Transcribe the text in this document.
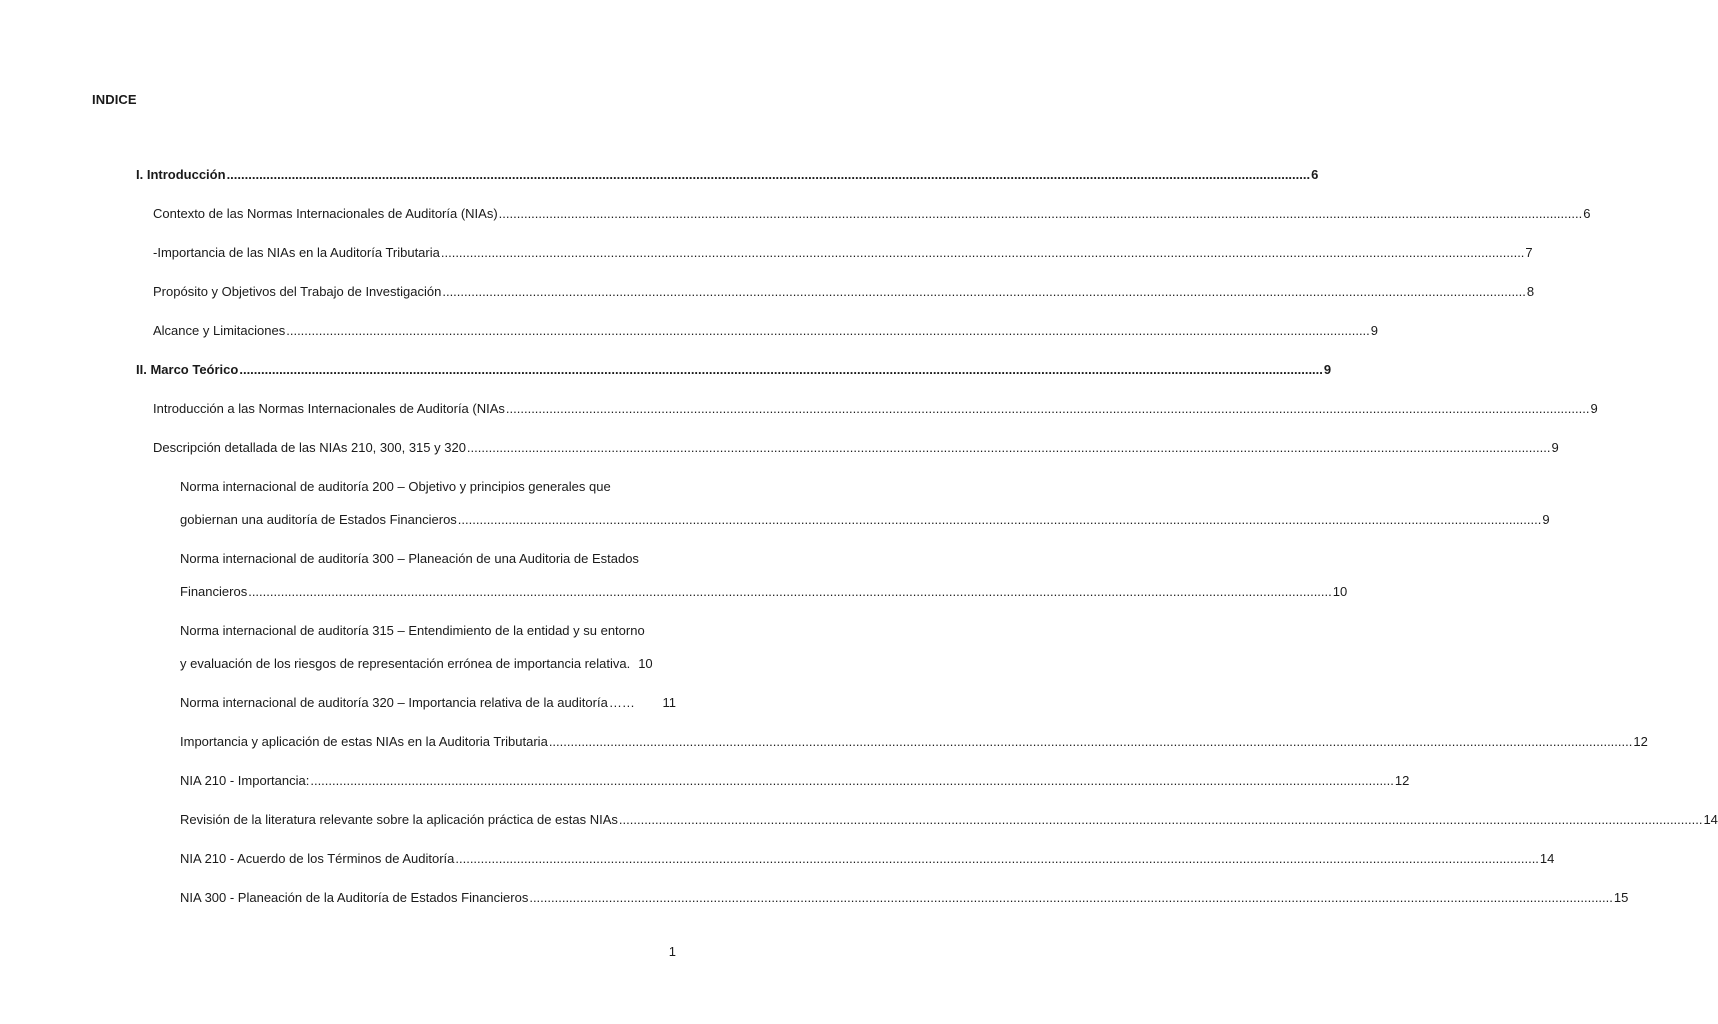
INDICE
I. Introducción ............................................................................................................................................................................................................................................................................................................ 6
Contexto de las Normas Internacionales de Auditoría (NIAs) ............................................................................................................................................................................................................................................................................................................ 6
-Importancia de las NIAs en la Auditoría Tributaria ............................................................................................................................................................................................................................................................................................................ 7
Propósito y Objetivos del Trabajo de Investigación ............................................................................................................................................................................................................................................................................................................ 8
Alcance y Limitaciones ............................................................................................................................................................................................................................................................................................................ 9
II. Marco Teórico ............................................................................................................................................................................................................................................................................................................ 9
Introducción a las Normas Internacionales de Auditoría (NIAs ............................................................................................................................................................................................................................................................................................................ 9
Descripción detallada de las NIAs 210, 300, 315 y 320 ............................................................................................................................................................................................................................................................................................................ 9
Norma internacional de auditoría 200 – Objetivo y principios generales que
gobiernan una auditoría de Estados Financieros ............................................................................................................................................................................................................................................................................................................ 9
Norma internacional de auditoría 300 – Planeación de una Auditoria de Estados
Financieros ............................................................................................................................................................................................................................................................................................................ 10
Norma internacional de auditoría 315 – Entendimiento de la entidad y su entorno
y evaluación de los riesgos de representación errónea de importancia relativa. 10
Norma internacional de auditoría 320 – Importancia relativa de la auditoría ……	11
Importancia y aplicación de estas NIAs en la Auditoria Tributaria ............................................................................................................................................................................................................................................................................................................ 12
NIA 210 - Importancia: ............................................................................................................................................................................................................................................................................................................ 12
Revisión de la literatura relevante sobre la aplicación práctica de estas NIAs ............................................................................................................................................................................................................................................................................................................ 14
NIA 210 - Acuerdo de los Términos de Auditoría ............................................................................................................................................................................................................................................................................................................ 14
NIA 300 - Planeación de la Auditoría de Estados Financieros ............................................................................................................................................................................................................................................................................................................ 15
1
